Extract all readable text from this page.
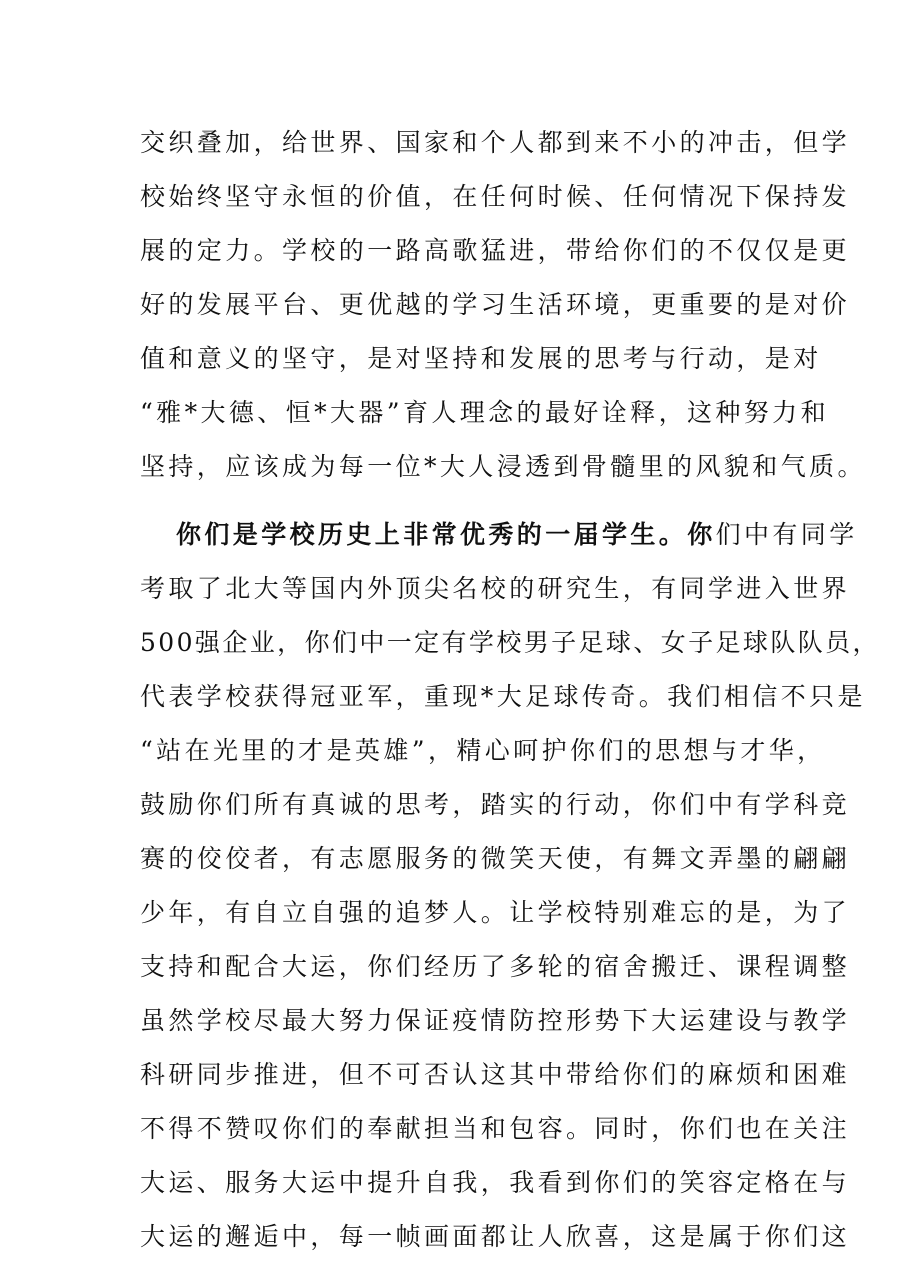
交织叠加，给世界、国家和个人都到来不小的冲击，但学
校始终坚守永恒的价值，在任何时候、任何情况下保持发
展的定力。学校的一路高歌猛进，带给你们的不仅仅是更
好的发展平台、更优越的学习生活环境，更重要的是对价
值和意义的坚守，是对坚持和发展的思考与行动，是对
“雅*大德、恒*大器”育人理念的最好诠释，这种努力和
坚持，应该成为每一位*大人浸透到骨髓里的风貌和气质。
你们是学校历史上非常优秀的一届学生。你们中有同学
考取了北大等国内外顶尖名校的研究生，有同学进入世界
500强企业，你们中一定有学校男子足球、女子足球队队员，
代表学校获得冠亚军，重现*大足球传奇。我们相信不只是
“站在光里的才是英雄”，精心呵护你们的思想与才华，
鼓励你们所有真诚的思考，踏实的行动，你们中有学科竞
赛的佼佼者，有志愿服务的微笑天使，有舞文弄墨的翩翩
少年，有自立自强的追梦人。让学校特别难忘的是，为了
支持和配合大运，你们经历了多轮的宿舍搬迁、课程调整
虽然学校尽最大努力保证疫情防控形势下大运建设与教学
科研同步推进，但不可否认这其中带给你们的麻烦和困难
不得不赞叹你们的奉献担当和包容。同时，你们也在关注
大运、服务大运中提升自我，我看到你们的笑容定格在与
大运的邂逅中，每一帧画面都让人欣喜，这是属于你们这
